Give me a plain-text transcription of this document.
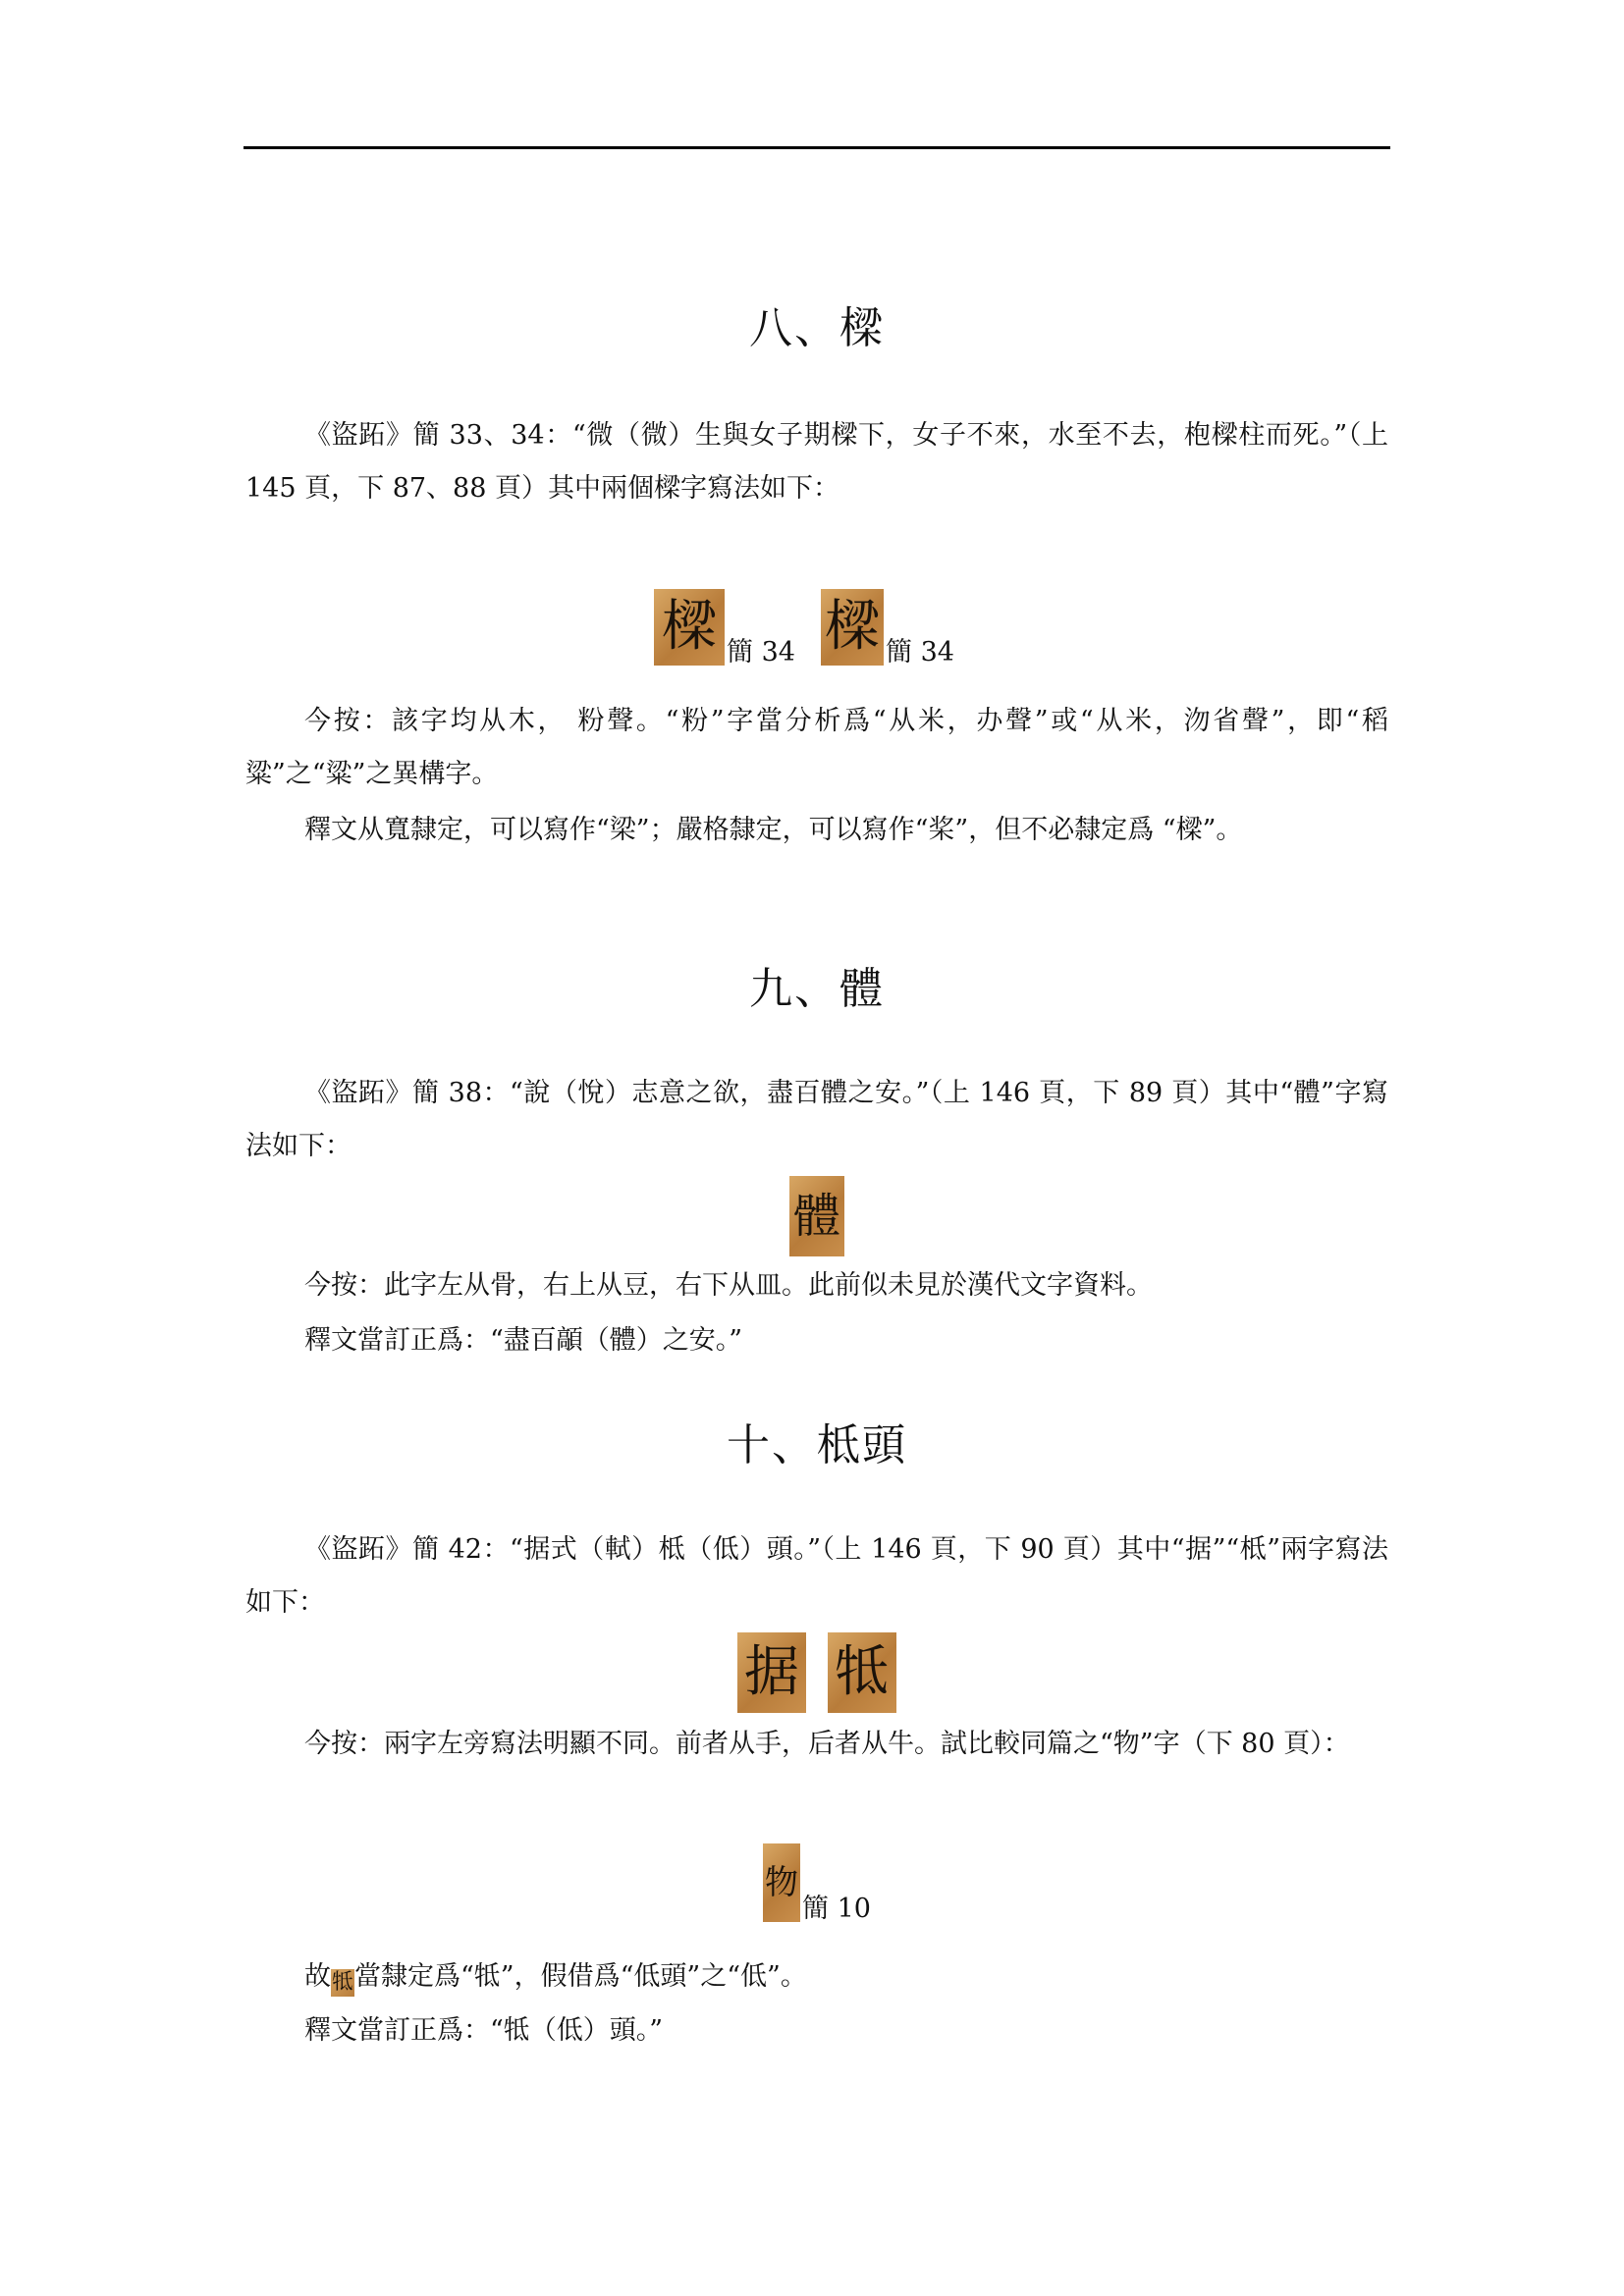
八、樑

《盜跖》簡 33、34：“微（微）生與女子期樑下，女子不來，水至不去，枹樑柱而死。”（上 145 頁，下 87、88 頁）其中兩個樑字寫法如下：

樑 簡 34 樑 簡 34

今按：該字均从木， 粉聲。“粉”字當分析爲“从米，办聲”或“从米，沕省聲”，即“稻粱”之“粱”之異構字。

釋文从寬隸定，可以寫作“梁”；嚴格隸定，可以寫作“桨”，但不必隸定爲 “樑”。

九、體

《盜跖》簡 38：“說（悅）志意之欲，盡百體之安。”（上 146 頁，下 89 頁）其中“體”字寫法如下：

體

今按：此字左从骨，右上从豆，右下从皿。此前似未見於漢代文字資料。

釋文當訂正爲：“盡百䯪（體）之安。”

十、柢頭

《盜跖》簡 42：“据式（軾）柢（低）頭。”（上 146 頁，下 90 頁）其中“据”“柢”兩字寫法如下：

据 牴

今按：兩字左旁寫法明顯不同。前者从手，后者从牛。試比較同篇之“物”字（下 80 頁）：

物
簡 10

故牴當隸定爲“牴”，假借爲“低頭”之“低”。

釋文當訂正爲：“牴（低）頭。”
